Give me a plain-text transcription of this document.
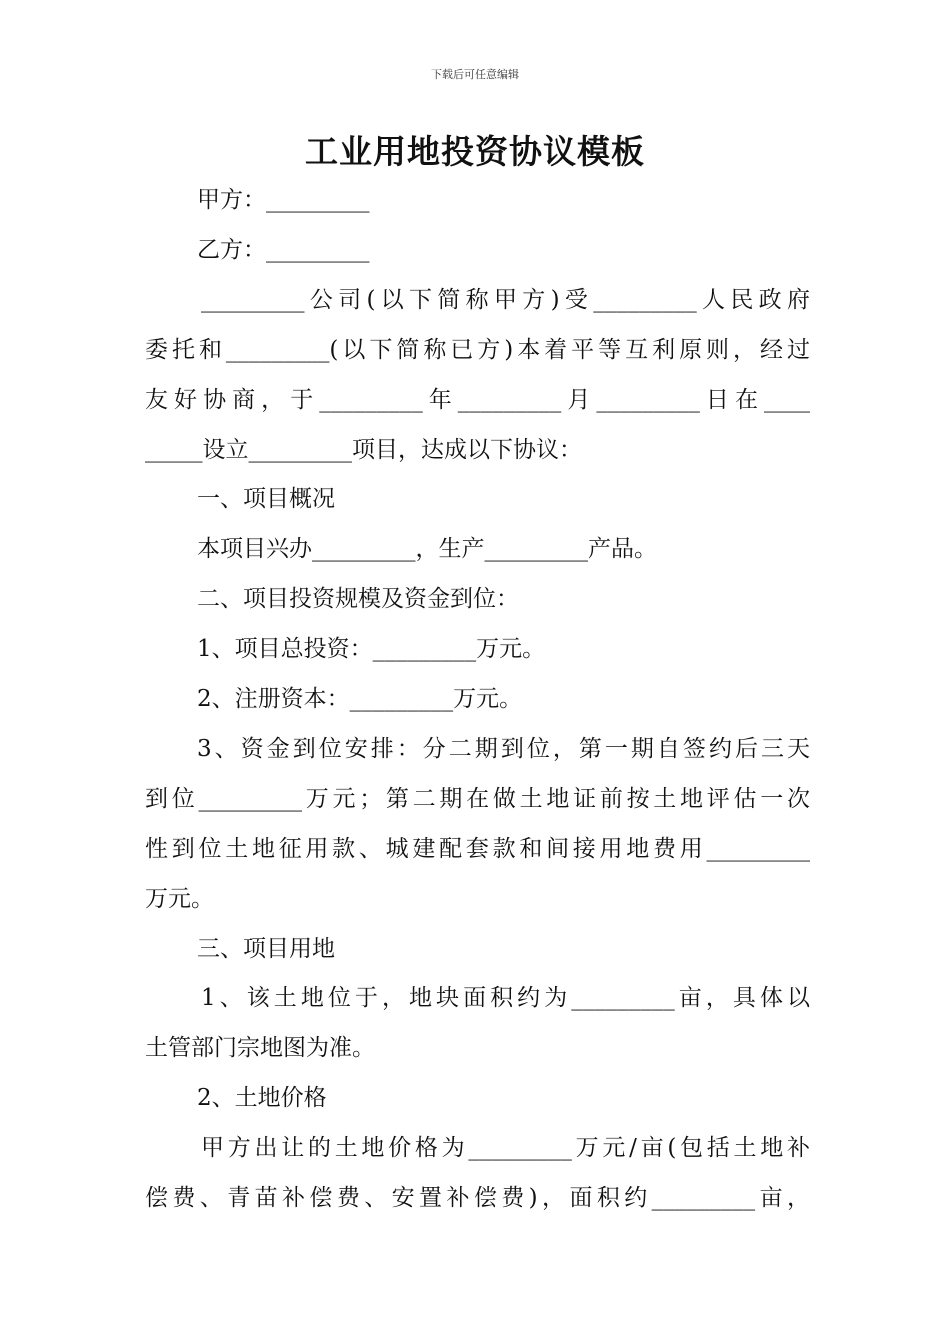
下载后可任意编辑
工业用地投资协议模板
甲方：_________
乙方：_________
_________公司(以下简称甲方)受_________人民政府
委托和_________(以下简称已方)本着平等互利原则，经过
友好协商，于_________年_________月_________日在____
_____设立_________项目，达成以下协议：
一、项目概况
本项目兴办_________，生产_________产品。
二、项目投资规模及资金到位：
1、项目总投资：_________万元。
2、注册资本：_________万元。
3、资金到位安排：分二期到位，第一期自签约后三天
到位_________万元；第二期在做土地证前按土地评估一次
性到位土地征用款、城建配套款和间接用地费用_________
万元。
三、项目用地
1、该土地位于，地块面积约为_________亩，具体以
土管部门宗地图为准。
2、土地价格
甲方出让的土地价格为_________万元/亩(包括土地补
偿费、青苗补偿费、安置补偿费)，面积约_________亩，
